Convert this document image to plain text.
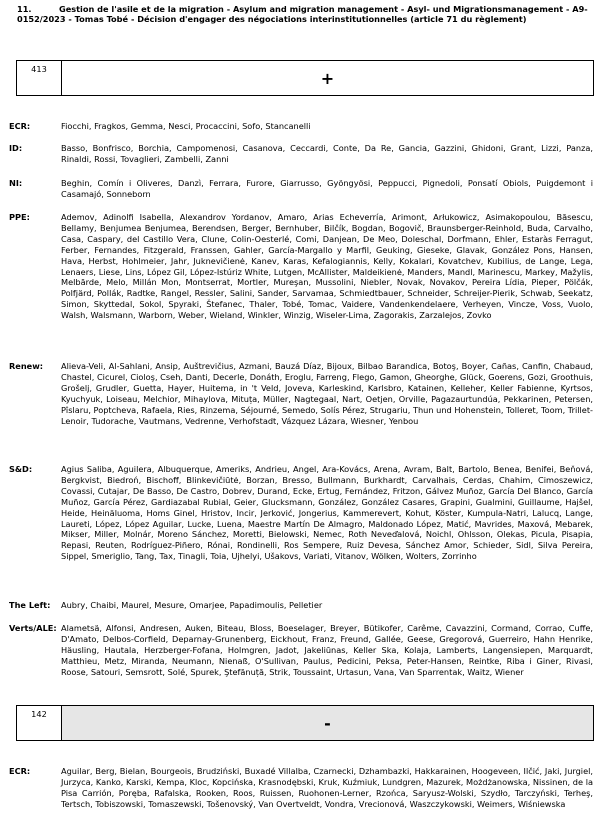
11.	Gestion de l'asile et de la migration - Asylum and migration management - Asyl- und Migrationsmanagement - A9-0152/2023 - Tomas Tobé - Décision d'engager des négociations interinstitutionnelles (article 71 du règlement)
413	+
ECR:	Fiocchi, Fragkos, Gemma, Nesci, Procaccini, Sofo, Stancanelli
ID:	Basso, Bonfrisco, Borchia, Campomenosi, Casanova, Ceccardi, Conte, Da Re, Gancia, Gazzini, Ghidoni, Grant, Lizzi, Panza, Rinaldi, Rossi, Tovaglieri, Zambelli, Zanni
NI:	Beghin, Comín i Oliveres, Danzì, Ferrara, Furore, Giarrusso, Gyöngyösi, Peppucci, Pignedoli, Ponsatí Obiols, Puigdemont i Casamajó, Sonneborn
PPE:	Ademov, Adinolfi Isabella, Alexandrov Yordanov, Amaro, Arias Echeverría, Arimont, Arłukowicz, Asimakopoulou, Băsescu, Bellamy, Benjumea Benjumea, Berendsen, Berger, Bernhuber, Bilčík, Bogdan, Bogovič, Braunsberger-Reinhold, Buda, Carvalho, Casa, Caspary, del Castillo Vera, Clune, Colin-Oesterlé, Comi, Danjean, De Meo, Doleschal, Dorfmann, Ehler, Estaràs Ferragut, Ferber, Fernandes, Fitzgerald, Franssen, Gahler, García-Margallo y Marfil, Geuking, Gieseke, Glavak, González Pons, Hansen, Hava, Herbst, Hohlmeier, Jahr, Juknevičienė, Kanev, Karas, Kefalogiannis, Kelly, Kokalari, Kovatchev, Kubilius, de Lange, Lega, Lenaers, Liese, Lins, López Gil, López-Istúriz White, Lutgen, McAllister, Maldeikienė, Manders, Mandl, Marinescu, Markey, Mažylis, Melbārde, Melo, Millán Mon, Montserrat, Mortler, Mureşan, Mussolini, Niebler, Novak, Novakov, Pereira Lídia, Pieper, Pölčák, Polfjärd, Pollák, Radtke, Rangel, Ressler, Salini, Sander, Sarvamaa, Schmiedtbauer, Schneider, Schreijer-Pierik, Schwab, Seekatz, Simon, Skyttedal, Sokol, Spyraki, Štefanec, Thaler, Tobé, Tomac, Vaidere, Vandenkendelaere, Verheyen, Vincze, Voss, Vuolo, Walsh, Walsmann, Warborn, Weber, Wieland, Winkler, Winzig, Wiseler-Lima, Zagorakis, Zarzalejos, Zovko
Renew:	Alieva-Veli, Al-Sahlani, Ansip, Auštrevičius, Azmani, Bauzá Díaz, Bijoux, Bilbao Barandica, Botoş, Boyer, Cañas, Canfin, Chabaud, Chastel, Cicurel, Cioloş, Cseh, Danti, Decerle, Donáth, Eroglu, Farreng, Flego, Gamon, Gheorghe, Glück, Goerens, Gozi, Groothuis, Grošelj, Grudler, Guetta, Hayer, Huitema, in 't Veld, Joveva, Karleskind, Karlsbro, Katainen, Kelleher, Keller Fabienne, Kyrtsos, Kyuchyuk, Loiseau, Melchior, Mihaylova, Mituța, Müller, Nagtegaal, Nart, Oetjen, Orville, Pagazaurtundúa, Pekkarinen, Petersen, Pîslaru, Poptcheva, Rafaela, Ries, Rinzema, Séjourné, Semedo, Solís Pérez, Strugariu, Thun und Hohenstein, Tolleret, Toom, Trillet-Lenoir, Tudorache, Vautmans, Vedrenne, Verhofstadt, Vázquez Lázara, Wiesner, Yenbou
S&D:	Agius Saliba, Aguilera, Albuquerque, Ameriks, Andrieu, Angel, Ara-Kovács, Arena, Avram, Balt, Bartolo, Benea, Benifei, Beňová, Bergkvist, Biedroń, Bischoff, Blinkevičiūtė, Borzan, Bresso, Bullmann, Burkhardt, Carvalhais, Cerdas, Chahim, Cimoszewicz, Covassi, Cutajar, De Basso, De Castro, Dobrev, Durand, Ecke, Ertug, Fernández, Fritzon, Gálvez Muñoz, García Del Blanco, García Muñoz, García Pérez, Gardiazabal Rubial, Geier, Glucksmann, González, González Casares, Grapini, Gualmini, Guillaume, Hajšel, Heide, Heinäluoma, Homs Ginel, Hristov, Incir, Jerković, Jongerius, Kammerevert, Kohut, Köster, Kumpula-Natri, Lalucq, Lange, Laureti, López, López Aguilar, Lucke, Luena, Maestre Martín De Almagro, Maldonado López, Matić, Mavrides, Maxová, Mebarek, Mikser, Miller, Molnár, Moreno Sánchez, Moretti, Bielowski, Nemec, Roth Neveďalová, Noichl, Ohlsson, Olekas, Picula, Pisapia, Repasi, Reuten, Rodríguez-Piñero, Rónai, Rondinelli, Ros Sempere, Ruiz Devesa, Sánchez Amor, Schieder, Sidl, Silva Pereira, Sippel, Smeriglio, Tang, Tax, Tinagli, Toia, Ujhelyi, Ušakovs, Variati, Vitanov, Wölken, Wolters, Zorrinho
The Left:	Aubry, Chaibi, Maurel, Mesure, Omarjee, Papadimoulis, Pelletier
Verts/ALE: Alametsä, Alfonsi, Andresen, Auken, Biteau, Bloss, Boeselager, Breyer, Bütikofer, Carême, Cavazzini, Cormand, Corrao, Cuffe, D'Amato, Delbos-Corfield, Deparnay-Grunenberg, Eickhout, Franz, Freund, Gallée, Geese, Gregorová, Guerreiro, Hahn Henrike, Häusling, Hautala, Herzberger-Fofana, Holmgren, Jadot, Jakeliūnas, Keller Ska, Kolaja, Lamberts, Langensiepen, Marquardt, Matthieu, Metz, Miranda, Neumann, Nienaß, O'Sullivan, Paulus, Pedicini, Peksa, Peter-Hansen, Reintke, Riba i Giner, Rivasi, Roose, Satouri, Semsrott, Solé, Spurek, Ştefănuță, Strik, Toussaint, Urtasun, Vana, Van Sparrentak, Waitz, Wiener
142	-
ECR:	Aguilar, Berg, Bielan, Bourgeois, Brudziński, Buxadé Villalba, Czarnecki, Dzhambazki, Hakkarainen, Hoogeveen, Ilčić, Jaki, Jurgiel, Jurzyca, Kanko, Karski, Kempa, Kloc, Kopcińska, Krasnodębski, Kruk, Kuźmiuk, Lundgren, Mazurek, Możdżanowska, Nissinen, de la Pisa Carrión, Poręba, Rafalska, Rooken, Roos, Ruissen, Ruohonen-Lerner, Rzońca, Saryusz-Wolski, Szydło, Tarczyński, Terheş, Tertsch, Tobiszowski, Tomaszewski, Tošenovský, Van Overtveldt, Vondra, Vrecionová, Waszczykowski, Weimers, Wiśniewska
